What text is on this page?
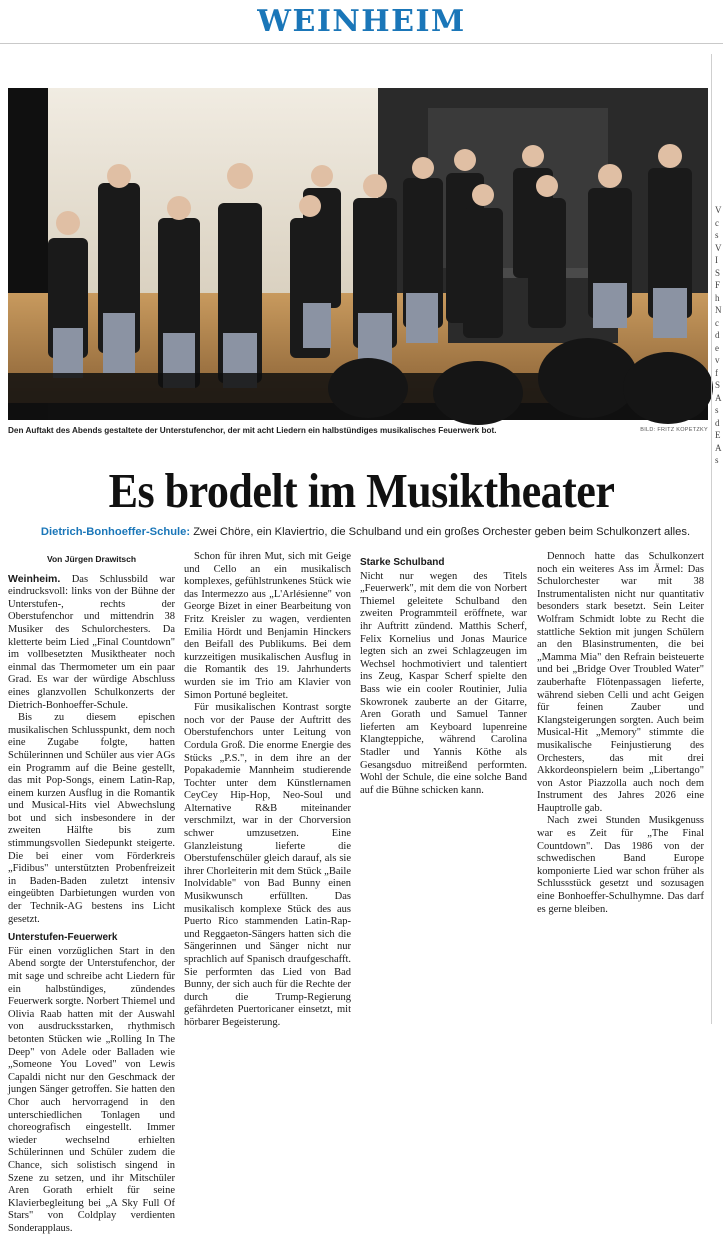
WEINHEIM
Den Auftakt des Abends gestaltete der Unterstufenchor, der mit acht Liedern ein halbstündiges musikalisches Feuerwerk bot.	BILD: FRITZ KOPETZKY
Es brodelt im Musiktheater
Dietrich-Bonhoeffer-Schule: Zwei Chöre, ein Klaviertrio, die Schulband und ein großes Orchester geben beim Schulkonzert alles.
Von Jürgen Drawitsch

Weinheim. Das Schlussbild war eindrucksvoll: links von der Bühne der Unterstufen-, rechts der Oberstufenchor und mittendrin 38 Musiker des Schulorchesters. Da kletterte beim Lied „Final Countdown" im vollbesetzten Musiktheater noch einmal das Thermometer um ein paar Grad. Es war der würdige Abschluss eines glanzvollen Schulkonzerts der Dietrich-Bonhoeffer-Schule.

Bis zu diesem epischen musikalischen Schlusspunkt, dem noch eine Zugabe folgte, hatten Schülerinnen und Schüler aus vier AGs ein Programm auf die Beine gestellt, das mit Pop-Songs, einem Latin-Rap, einem kurzen Ausflug in die Romantik und Musical-Hits viel Abwechslung bot und sich insbesondere in der zweiten Hälfte bis zum stimmungsvollen Siedepunkt steigerte. Die bei einer vom Förderkreis „Fidibus" unterstützten Probenfreizeit in Baden-Baden zuletzt intensiv eingeübten Darbietungen wurden von der Technik-AG bestens ins Licht gesetzt.

Unterstufen-Feuerwerk

Für einen vorzüglichen Start in den Abend sorgte der Unterstufenchor, der mit sage und schreibe acht Liedern für ein halbstündiges, zündendes Feuerwerk sorgte. Norbert Thiemel und Olivia Raab hatten mit der Auswahl von ausdrucksstarken, rhythmisch betonten Stücken wie „Rolling In The Deep" von Adele oder Balladen wie „Someone You Loved" von Lewis Capaldi nicht nur den Geschmack der jungen Sänger getroffen. Sie hatten den Chor auch hervorragend in den unterschiedlichen Tonlagen und choreografisch eingestellt. Immer wieder wechselnd erhielten Schülerinnen und Schüler zudem die Chance, sich solistisch singend in Szene zu setzen, und ihr Mitschüler Aren Gorath erhielt für seine Klavierbegleitung bei „A Sky Full Of Stars" von Coldplay verdienten Sonderapplaus.

Schon für ihren Mut, sich mit Geige und Cello an ein musikalisch komplexes, gefühlstrunkenes Stück wie das Intermezzo aus „L'Arlésienne" von George Bizet in einer Bearbeitung von Fritz Kreisler zu wagen, verdienten Emilia Hördt und Benjamin Hinckers den Beifall des Publikums. Bei dem kurzzeitigen musikalischen Ausflug in die Romantik des 19. Jahrhunderts wurden sie im Trio am Klavier von Simon Portuné begleitet.

Für musikalischen Kontrast sorgte noch vor der Pause der Auftritt des Oberstufenchors unter Leitung von Cordula Groß. Die enorme Energie des Stücks „P.S.", in dem ihre an der Popakademie Mannheim studierende Tochter unter dem Künstlernamen CeyCey Hip-Hop, Neo-Soul und Alternative R&B miteinander verschmilzt, war in der Chorversion schwer umzusetzen. Eine Glanzleistung lieferte die Oberstufenschüler gleich darauf, als sie ihrer Chorleiterin mit dem Stück „Baile Inolvidable" von Bad Bunny einen Musikwunsch erfüllten. Das musikalisch komplexe Stück des aus Puerto Rico stammenden Latin-Rap- und Reggaeton-Sängers hatten sich die Sängerinnen und Sänger nicht nur sprachlich auf Spanisch draufgeschafft. Sie performten das Lied von Bad Bunny, der sich auch für die Rechte der durch die Trump-Regierung gefährdeten Puertoricaner einsetzt, mit hörbarer Begeisterung.

Starke Schulband

Nicht nur wegen des Titels „Feuerwerk", mit dem die von Norbert Thiemel geleitete Schulband den zweiten Programmteil eröffnete, war ihr Auftritt zündend. Matthis Scherf, Felix Kornelius und Jonas Maurice legten sich an zwei Schlagzeugen im Wechsel hochmotiviert und talentiert ins Zeug, Kaspar Scherf spielte den Bass wie ein cooler Routinier, Julia Skowronek zauberte an der Gitarre, Aren Gorath und Samuel Tanner lieferten am Keyboard lupenreine Klangteppiche, während Carolina Stadler und Yannis Köthe als Gesangsduo mitreißend performten. Wohl der Schule, die eine solche Band auf die Bühne schicken kann.

Dennoch hatte das Schulkonzert noch ein weiteres Ass im Ärmel: Das Schulorchester war mit 38 Instrumentalisten nicht nur quantitativ besonders stark besetzt. Sein Leiter Wolfram Schmidt lobte zu Recht die stattliche Sektion mit jungen Schülern an den Blasinstrumenten, die bei „Mamma Mia" den Refrain beisteuerte und bei „Bridge Over Troubled Water" zauberhafte Flötenpassagen lieferte, während sieben Celli und acht Geigen für feinen Zauber und Klangsteigerungen sorgten. Auch beim Musical-Hit „Memory" stimmte die musikalische Feinjustierung des Orchesters, das mit drei Akkordeonspielern beim „Libertango" von Astor Piazzolla auch noch dem Instrument des Jahres 2026 eine Hauptrolle gab.

Nach zwei Stunden Musikgenuss war es Zeit für „The Final Countdown". Das 1986 von der schwedischen Band Europe komponierte Lied war schon früher als Schlussstück gesetzt und sozusagen eine Bonhoeffer-Schulhymne. Das darf es gerne bleiben.

V
c
s
V
I
S
F
h
N
c
d
e
v
f
S
A
s
d
E
A
s
